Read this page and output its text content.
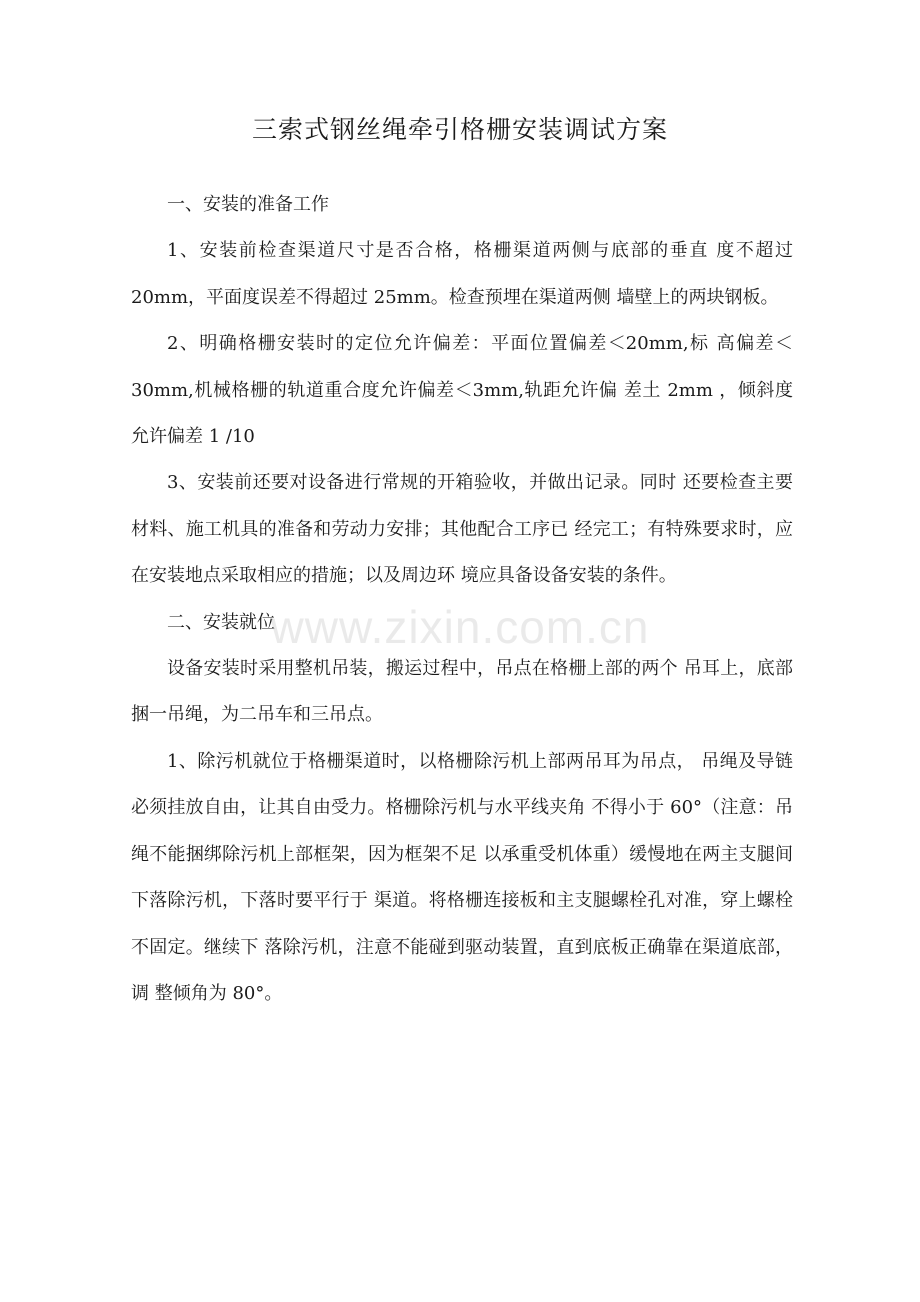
三索式钢丝绳牵引格栅安装调试方案

一、安装的准备工作

1、安装前检查渠道尺寸是否合格，格栅渠道两侧与底部的垂直 度不超过 20mm，平面度误差不得超过 25mm。检查预埋在渠道两侧 墙壁上的两块钢板。

2、明确格栅安装时的定位允许偏差：平面位置偏差＜20mm,标 高偏差＜30mm,机械格栅的轨道重合度允许偏差＜3mm,轨距允许偏 差土 2mm ，倾斜度允许偏差 1 /10

3、安装前还要对设备进行常规的开箱验收，并做出记录。同时 还要检查主要材料、施工机具的准备和劳动力安排；其他配合工序已 经完工；有特殊要求时，应在安装地点采取相应的措施；以及周边环 境应具备设备安装的条件。

二、安装就位

设备安装时采用整机吊装，搬运过程中，吊点在格栅上部的两个 吊耳上，底部捆一吊绳，为二吊车和三吊点。

1、除污机就位于格栅渠道时，以格栅除污机上部两吊耳为吊点， 吊绳及导链必须挂放自由，让其自由受力。格栅除污机与水平线夹角 不得小于 60°（注意：吊绳不能捆绑除污机上部框架，因为框架不足 以承重受机体重）缓慢地在两主支腿间下落除污机，下落时要平行于 渠道。将格栅连接板和主支腿螺栓孔对准，穿上螺栓不固定。继续下 落除污机，注意不能碰到驱动装置，直到底板正确靠在渠道底部，调 整倾角为 80°。

www.zixin.com.cn
